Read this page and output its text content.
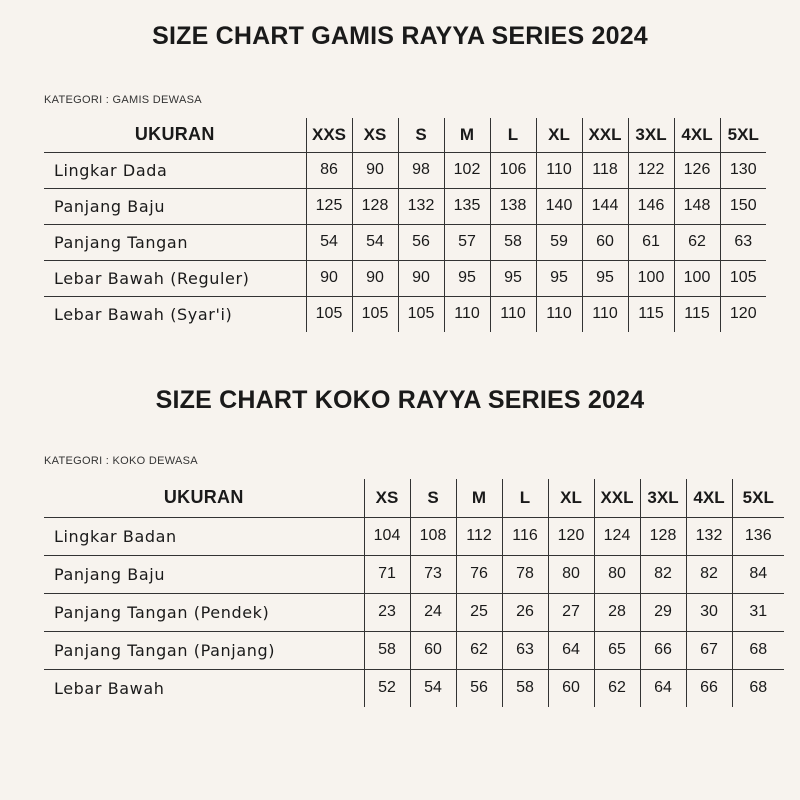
SIZE CHART GAMIS RAYYA SERIES 2024
KATEGORI : GAMIS DEWASA
UKURAN	XXS	XS	S	M	L	XL	XXL	3XL	4XL	5XL
Lingkar Dada	86	90	98	102	106	110	118	122	126	130
Panjang Baju	125	128	132	135	138	140	144	146	148	150
Panjang Tangan	54	54	56	57	58	59	60	61	62	63
Lebar Bawah (Reguler)	90	90	90	95	95	95	95	100	100	105
Lebar Bawah (Syar'i)	105	105	105	110	110	110	110	115	115	120
SIZE CHART KOKO RAYYA SERIES 2024
KATEGORI : KOKO DEWASA
UKURAN	XS	S	M	L	XL	XXL	3XL	4XL	5XL
Lingkar Badan	104	108	112	116	120	124	128	132	136
Panjang Baju	71	73	76	78	80	80	82	82	84
Panjang Tangan (Pendek)	23	24	25	26	27	28	29	30	31
Panjang Tangan (Panjang)	58	60	62	63	64	65	66	67	68
Lebar Bawah	52	54	56	58	60	62	64	66	68
